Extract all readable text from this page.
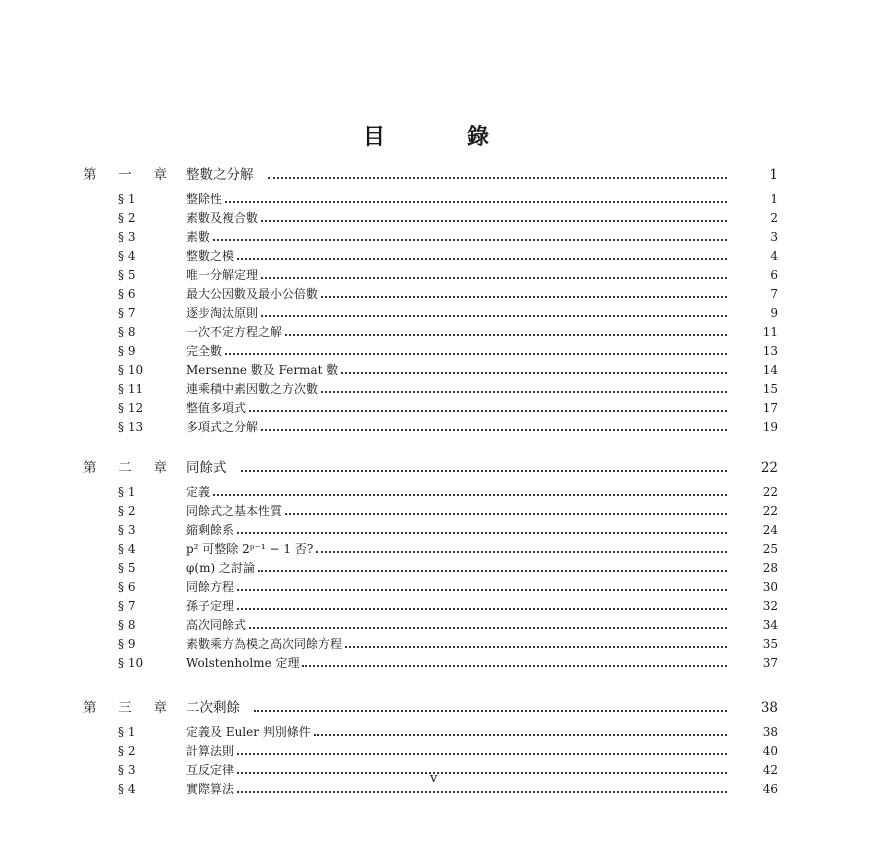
目	錄
第 一 章 整數之分解	1
§ 1	整除性	1
§ 2	素數及複合數	2
§ 3	素數	3
§ 4	整數之模	4
§ 5	唯一分解定理	6
§ 6	最大公因數及最小公倍數	7
§ 7	逐步淘汰原則	9
§ 8	一次不定方程之解	11
§ 9	完全數	13
§ 10	Mersenne 數及 Fermat 數	14
§ 11	連乘積中素因數之方次數	15
§ 12	整值多項式	17
§ 13	多項式之分解	19
第 二 章 同餘式	22
§ 1	定義	22
§ 2	同餘式之基本性質	22
§ 3	縮剩餘系	24
§ 4	p² 可整除 2ᵖ⁻¹ − 1 否?	25
§ 5	φ(m) 之討論	28
§ 6	同餘方程	30
§ 7	孫子定理	32
§ 8	高次同餘式	34
§ 9	素數乘方為模之高次同餘方程	35
§ 10	Wolstenholme 定理	37
第 三 章 二次剩餘	38
§ 1	定義及 Euler 判別條件	38
§ 2	計算法則	40
§ 3	互反定律	42
§ 4	實際算法	46
v
